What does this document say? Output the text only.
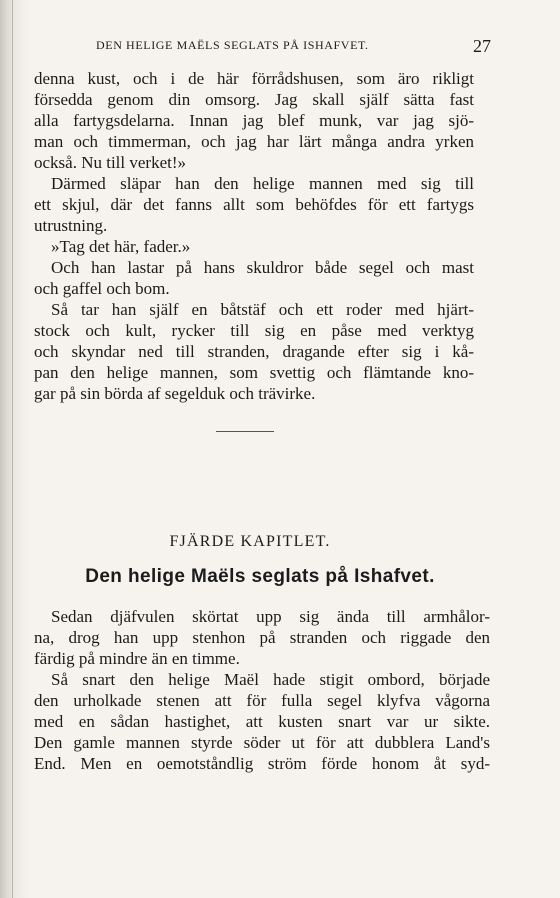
DEN HELIGE MAËLS SEGLATS PÅ ISHAFVET.	27
denna kust, och i de här förrådshusen, som äro rikligt
försedda genom din omsorg. Jag skall själf sätta fast
alla fartygsdelarna. Innan jag blef munk, var jag sjö-
man och timmerman, och jag har lärt många andra yrken
också. Nu till verket!»
Därmed släpar han den helige mannen med sig till
ett skjul, där det fanns allt som behöfdes för ett fartygs
utrustning.
»Tag det här, fader.»
Och han lastar på hans skuldror både segel och mast
och gaffel och bom.
Så tar han själf en båtstäf och ett roder med hjärt-
stock och kult, rycker till sig en påse med verktyg
och skyndar ned till stranden, dragande efter sig i kå-
pan den helige mannen, som svettig och flämtande kno-
gar på sin börda af segelduk och trävirke.
FJÄRDE KAPITLET.
Den helige Maëls seglats på Ishafvet.
Sedan djäfvulen skörtat upp sig ända till armhålor-
na, drog han upp stenhon på stranden och riggade den
färdig på mindre än en timme.
Så snart den helige Maël hade stigit ombord, började
den urholkade stenen att för fulla segel klyfva vågorna
med en sådan hastighet, att kusten snart var ur sikte.
Den gamle mannen styrde söder ut för att dubblera Land's
End. Men en oemotståndlig ström förde honom åt syd-
